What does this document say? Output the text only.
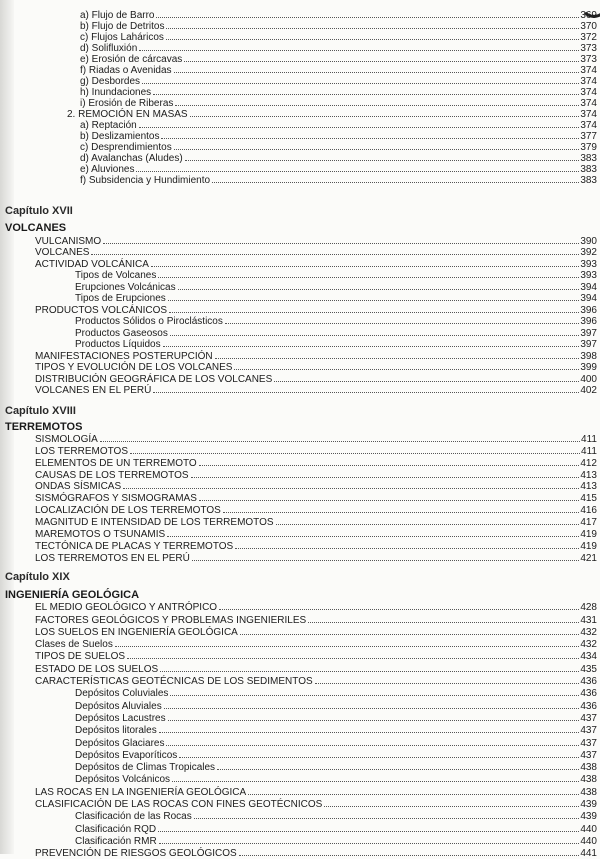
a) Flujo de Barro	369
b) Flujo de Detritos	370
c) Flujos Laháricos	372
d) Solifluxión	373
e) Erosión de cárcavas	373
f) Riadas o Avenidas	374
g) Desbordes	374
h) Inundaciones	374
i) Erosión de Riberas	374
2. REMOCIÓN EN MASAS	374
a) Reptación	374
b) Deslizamientos	377
c) Desprendimientos	379
d) Avalanchas (Aludes)	383
e) Aluviones	383
f) Subsidencia y Hundimiento	383
Capítulo XVII
VOLCANES
VULCANISMO	390
VOLCANES	392
ACTIVIDAD VOLCÁNICA	393
Tipos de Volcanes	393
Erupciones Volcánicas	394
Tipos de Erupciones	394
PRODUCTOS VOLCÁNICOS	396
Productos Sólidos o Piroclásticos	396
Productos Gaseosos	397
Productos Líquidos	397
MANIFESTACIONES POSTERUPCIÓN	398
TIPOS Y EVOLUCIÓN DE LOS VOLCANES	399
DISTRIBUCIÓN GEOGRÁFICA DE LOS VOLCANES	400
VOLCANES EN EL PERÚ	402
Capítulo XVIII
TERREMOTOS
SISMOLOGÍA	411
LOS TERREMOTOS	411
ELEMENTOS DE UN TERREMOTO	412
CAUSAS DE LOS TERREMOTOS	413
ONDAS SÍSMICAS	413
SISMÓGRAFOS Y SISMOGRAMAS	415
LOCALIZACIÓN DE LOS TERREMOTOS	416
MAGNITUD E INTENSIDAD DE LOS TERREMOTOS	417
MAREMOTOS O TSUNAMIS	419
TECTÓNICA DE PLACAS Y TERREMOTOS	419
LOS TERREMOTOS EN EL PERÚ	421
Capítulo XIX
INGENIERÍA GEOLÓGICA
EL MEDIO GEOLÓGICO Y ANTRÓPICO	428
FACTORES GEOLÓGICOS Y PROBLEMAS INGENIERILES	431
LOS SUELOS EN INGENIERÍA GEOLÓGICA	432
Clases de Suelos	432
TIPOS DE SUELOS	434
ESTADO DE LOS SUELOS	435
CARACTERÍSTICAS GEOTÉCNICAS DE LOS SEDIMENTOS	436
Depósitos Coluviales	436
Depósitos Aluviales	436
Depósitos Lacustres	437
Depósitos litorales	437
Depósitos Glaciares	437
Depósitos Evaporíticos	437
Depósitos de Climas Tropicales	438
Depósitos Volcánicos	438
LAS ROCAS EN LA INGENIERÍA GEOLÓGICA	438
CLASIFICACIÓN DE LAS ROCAS CON FINES GEOTÉCNICOS	439
Clasificación de las Rocas	439
Clasificación RQD	440
Clasificación RMR	440
PREVENCIÓN DE RIESGOS GEOLÓGICOS	441
